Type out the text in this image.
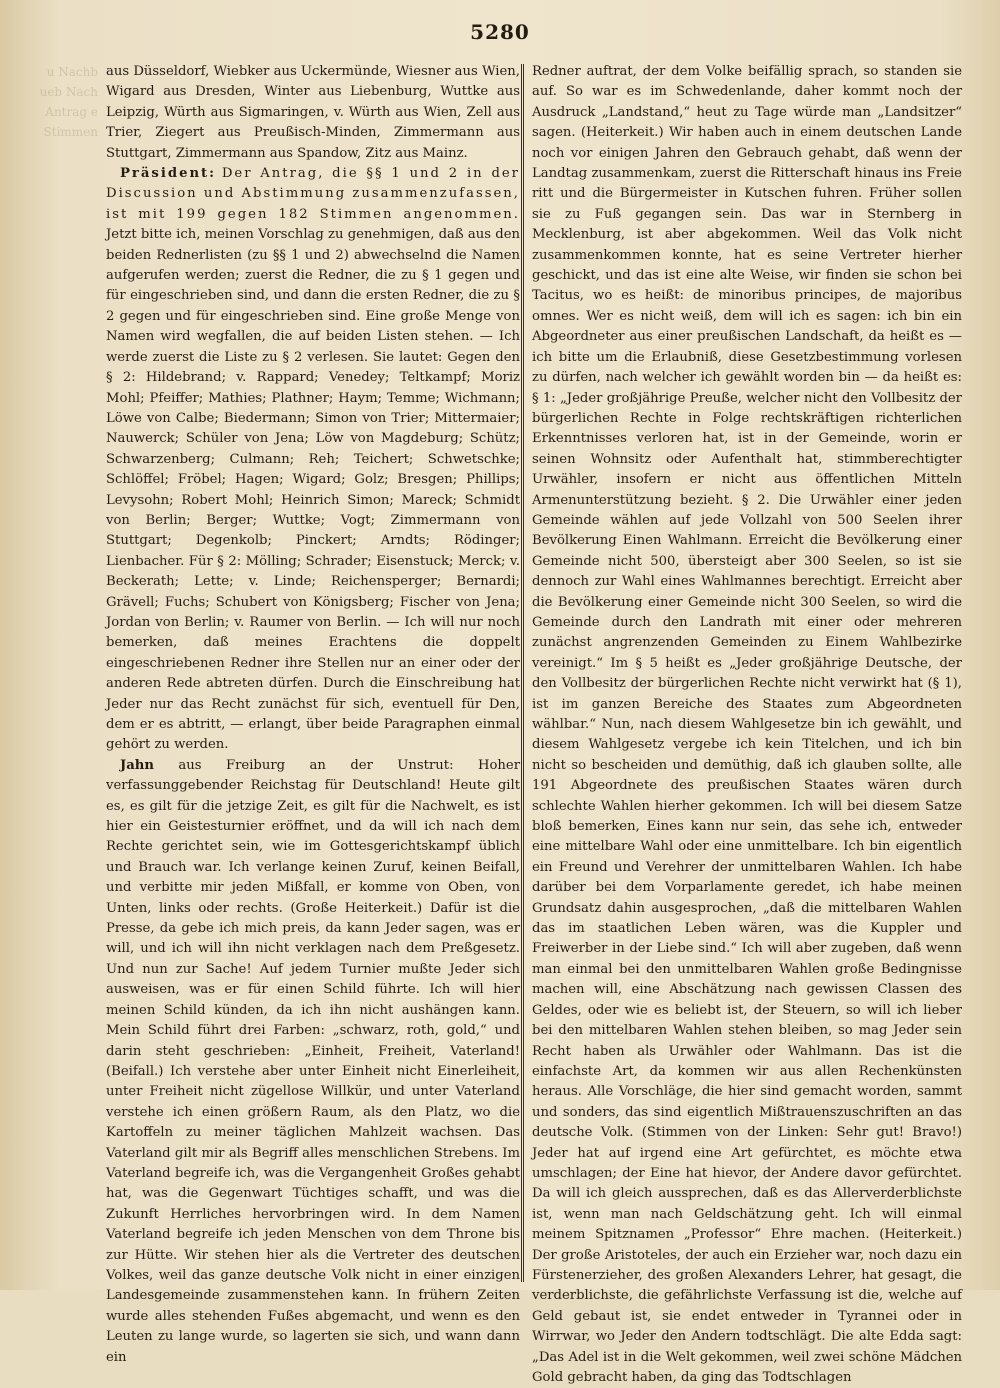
5280
u Nachb
ueb Nach
Antrag e
Stimmen

aus Düsseldorf, Wiebker aus Uckermünde, Wiesner aus Wien, Wigard aus Dresden, Winter aus Liebenburg, Wuttke aus Leipzig, Würth aus Sigmaringen, v. Würth aus Wien, Zell aus Trier, Ziegert aus Preußisch-Minden, Zimmermann aus Stuttgart, Zimmermann aus Spandow, Zitz aus Mainz.

Präsident: Der Antrag, die §§ 1 und 2 in der Discussion und Abstimmung zusammenzufassen, ist mit 199 gegen 182 Stimmen angenommen. Jetzt bitte ich, meinen Vorschlag zu genehmigen, daß aus den beiden Rednerlisten (zu §§ 1 und 2) abwechselnd die Namen aufgerufen werden; zuerst die Redner, die zu § 1 gegen und für eingeschrieben sind, und dann die ersten Redner, die zu § 2 gegen und für eingeschrieben sind. Eine große Menge von Namen wird wegfallen, die auf beiden Listen stehen. — Ich werde zuerst die Liste zu § 2 verlesen. Sie lautet: Gegen den § 2: Hildebrand; v. Rappard; Venedey; Teltkampf; Moriz Mohl; Pfeiffer; Mathies; Plathner; Haym; Temme; Wichmann; Löwe von Calbe; Biedermann; Simon von Trier; Mittermaier; Nauwerck; Schüler von Jena; Löw von Magdeburg; Schütz; Schwarzenberg; Culmann; Reh; Teichert; Schwetschke; Schlöffel; Fröbel; Hagen; Wigard; Golz; Bresgen; Phillips; Levysohn; Robert Mohl; Heinrich Simon; Mareck; Schmidt von Berlin; Berger; Wuttke; Vogt; Zimmermann von Stuttgart; Degenkolb; Pinckert; Arndts; Rödinger; Lienbacher. Für § 2: Mölling; Schrader; Eisenstuck; Merck; v. Beckerath; Lette; v. Linde; Reichensperger; Bernardi; Grävell; Fuchs; Schubert von Königsberg; Fischer von Jena; Jordan von Berlin; v. Raumer von Berlin. — Ich will nur noch bemerken, daß meines Erachtens die doppelt eingeschriebenen Redner ihre Stellen nur an einer oder der anderen Rede abtreten dürfen. Durch die Einschreibung hat Jeder nur das Recht zunächst für sich, eventuell für Den, dem er es abtritt, — erlangt, über beide Paragraphen einmal gehört zu werden.

Jahn aus Freiburg an der Unstrut: Hoher verfassunggebender Reichstag für Deutschland! Heute gilt es, es gilt für die jetzige Zeit, es gilt für die Nachwelt, es ist hier ein Geistesturnier eröffnet, und da will ich nach dem Rechte gerichtet sein, wie im Gottesgerichtskampf üblich und Brauch war. Ich verlange keinen Zuruf, keinen Beifall, und verbitte mir jeden Mißfall, er komme von Oben, von Unten, links oder rechts. (Große Heiterkeit.) Dafür ist die Presse, da gebe ich mich preis, da kann Jeder sagen, was er will, und ich will ihn nicht verklagen nach dem Preßgesetz. Und nun zur Sache! Auf jedem Turnier mußte Jeder sich ausweisen, was er für einen Schild führte. Ich will hier meinen Schild künden, da ich ihn nicht aushängen kann. Mein Schild führt drei Farben: „schwarz, roth, gold,“ und darin steht geschrieben: „Einheit, Freiheit, Vaterland! (Beifall.) Ich verstehe aber unter Einheit nicht Einerleiheit, unter Freiheit nicht zügellose Willkür, und unter Vaterland verstehe ich einen größern Raum, als den Platz, wo die Kartoffeln zu meiner täglichen Mahlzeit wachsen. Das Vaterland gilt mir als Begriff alles menschlichen Strebens. Im Vaterland begreife ich, was die Vergangenheit Großes gehabt hat, was die Gegenwart Tüchtiges schafft, und was die Zukunft Herrliches hervorbringen wird. In dem Namen Vaterland begreife ich jeden Menschen von dem Throne bis zur Hütte. Wir stehen hier als die Vertreter des deutschen Volkes, weil das ganze deutsche Volk nicht in einer einzigen Landesgemeinde zusammenstehen kann. In frühern Zeiten wurde alles stehenden Fußes abgemacht, und wenn es den Leuten zu lange wurde, so lagerten sie sich, und wann dann ein

Redner auftrat, der dem Volke beifällig sprach, so standen sie auf. So war es im Schwedenlande, daher kommt noch der Ausdruck „Landstand,“ heut zu Tage würde man „Landsitzer“ sagen. (Heiterkeit.) Wir haben auch in einem deutschen Lande noch vor einigen Jahren den Gebrauch gehabt, daß wenn der Landtag zusammenkam, zuerst die Ritterschaft hinaus ins Freie ritt und die Bürgermeister in Kutschen fuhren. Früher sollen sie zu Fuß gegangen sein. Das war in Sternberg in Mecklenburg, ist aber abgekommen. Weil das Volk nicht zusammenkommen konnte, hat es seine Vertreter hierher geschickt, und das ist eine alte Weise, wir finden sie schon bei Tacitus, wo es heißt: de minoribus principes, de majoribus omnes. Wer es nicht weiß, dem will ich es sagen: ich bin ein Abgeordneter aus einer preußischen Landschaft, da heißt es — ich bitte um die Erlaubniß, diese Gesetzbestimmung vorlesen zu dürfen, nach welcher ich gewählt worden bin — da heißt es: § 1: „Jeder großjährige Preuße, welcher nicht den Vollbesitz der bürgerlichen Rechte in Folge rechtskräftigen richterlichen Erkenntnisses verloren hat, ist in der Gemeinde, worin er seinen Wohnsitz oder Aufenthalt hat, stimmberechtigter Urwähler, insofern er nicht aus öffentlichen Mitteln Armenunterstützung bezieht. § 2. Die Urwähler einer jeden Gemeinde wählen auf jede Vollzahl von 500 Seelen ihrer Bevölkerung Einen Wahlmann. Erreicht die Bevölkerung einer Gemeinde nicht 500, übersteigt aber 300 Seelen, so ist sie dennoch zur Wahl eines Wahlmannes berechtigt. Erreicht aber die Bevölkerung einer Gemeinde nicht 300 Seelen, so wird die Gemeinde durch den Landrath mit einer oder mehreren zunächst angrenzenden Gemeinden zu Einem Wahlbezirke vereinigt.“ Im § 5 heißt es „Jeder großjährige Deutsche, der den Vollbesitz der bürgerlichen Rechte nicht verwirkt hat (§ 1), ist im ganzen Bereiche des Staates zum Abgeordneten wählbar.“ Nun, nach diesem Wahlgesetze bin ich gewählt, und diesem Wahlgesetz vergebe ich kein Titelchen, und ich bin nicht so bescheiden und demüthig, daß ich glauben sollte, alle 191 Abgeordnete des preußischen Staates wären durch schlechte Wahlen hierher gekommen. Ich will bei diesem Satze bloß bemerken, Eines kann nur sein, das sehe ich, entweder eine mittelbare Wahl oder eine unmittelbare. Ich bin eigentlich ein Freund und Verehrer der unmittelbaren Wahlen. Ich habe darüber bei dem Vorparlamente geredet, ich habe meinen Grundsatz dahin ausgesprochen, „daß die mittelbaren Wahlen das im staatlichen Leben wären, was die Kuppler und Freiwerber in der Liebe sind.“ Ich will aber zugeben, daß wenn man einmal bei den unmittelbaren Wahlen große Bedingnisse machen will, eine Abschätzung nach gewissen Classen des Geldes, oder wie es beliebt ist, der Steuern, so will ich lieber bei den mittelbaren Wahlen stehen bleiben, so mag Jeder sein Recht haben als Urwähler oder Wahlmann. Das ist die einfachste Art, da kommen wir aus allen Rechenkünsten heraus. Alle Vorschläge, die hier sind gemacht worden, sammt und sonders, das sind eigentlich Mißtrauenszuschriften an das deutsche Volk. (Stimmen von der Linken: Sehr gut! Bravo!) Jeder hat auf irgend eine Art gefürchtet, es möchte etwa umschlagen; der Eine hat hievor, der Andere davor gefürchtet. Da will ich gleich aussprechen, daß es das Allerverderblichste ist, wenn man nach Geldschätzung geht. Ich will einmal meinem Spitznamen „Professor“ Ehre machen. (Heiterkeit.) Der große Aristoteles, der auch ein Erzieher war, noch dazu ein Fürstenerzieher, des großen Alexanders Lehrer, hat gesagt, die verderblichste, die gefährlichste Verfassung ist die, welche auf Geld gebaut ist, sie endet entweder in Tyrannei oder in Wirrwar, wo Jeder den Andern todtschlägt. Die alte Edda sagt: „Das Adel ist in die Welt gekommen, weil zwei schöne Mädchen Gold gebracht haben, da ging das Todtschlagen
